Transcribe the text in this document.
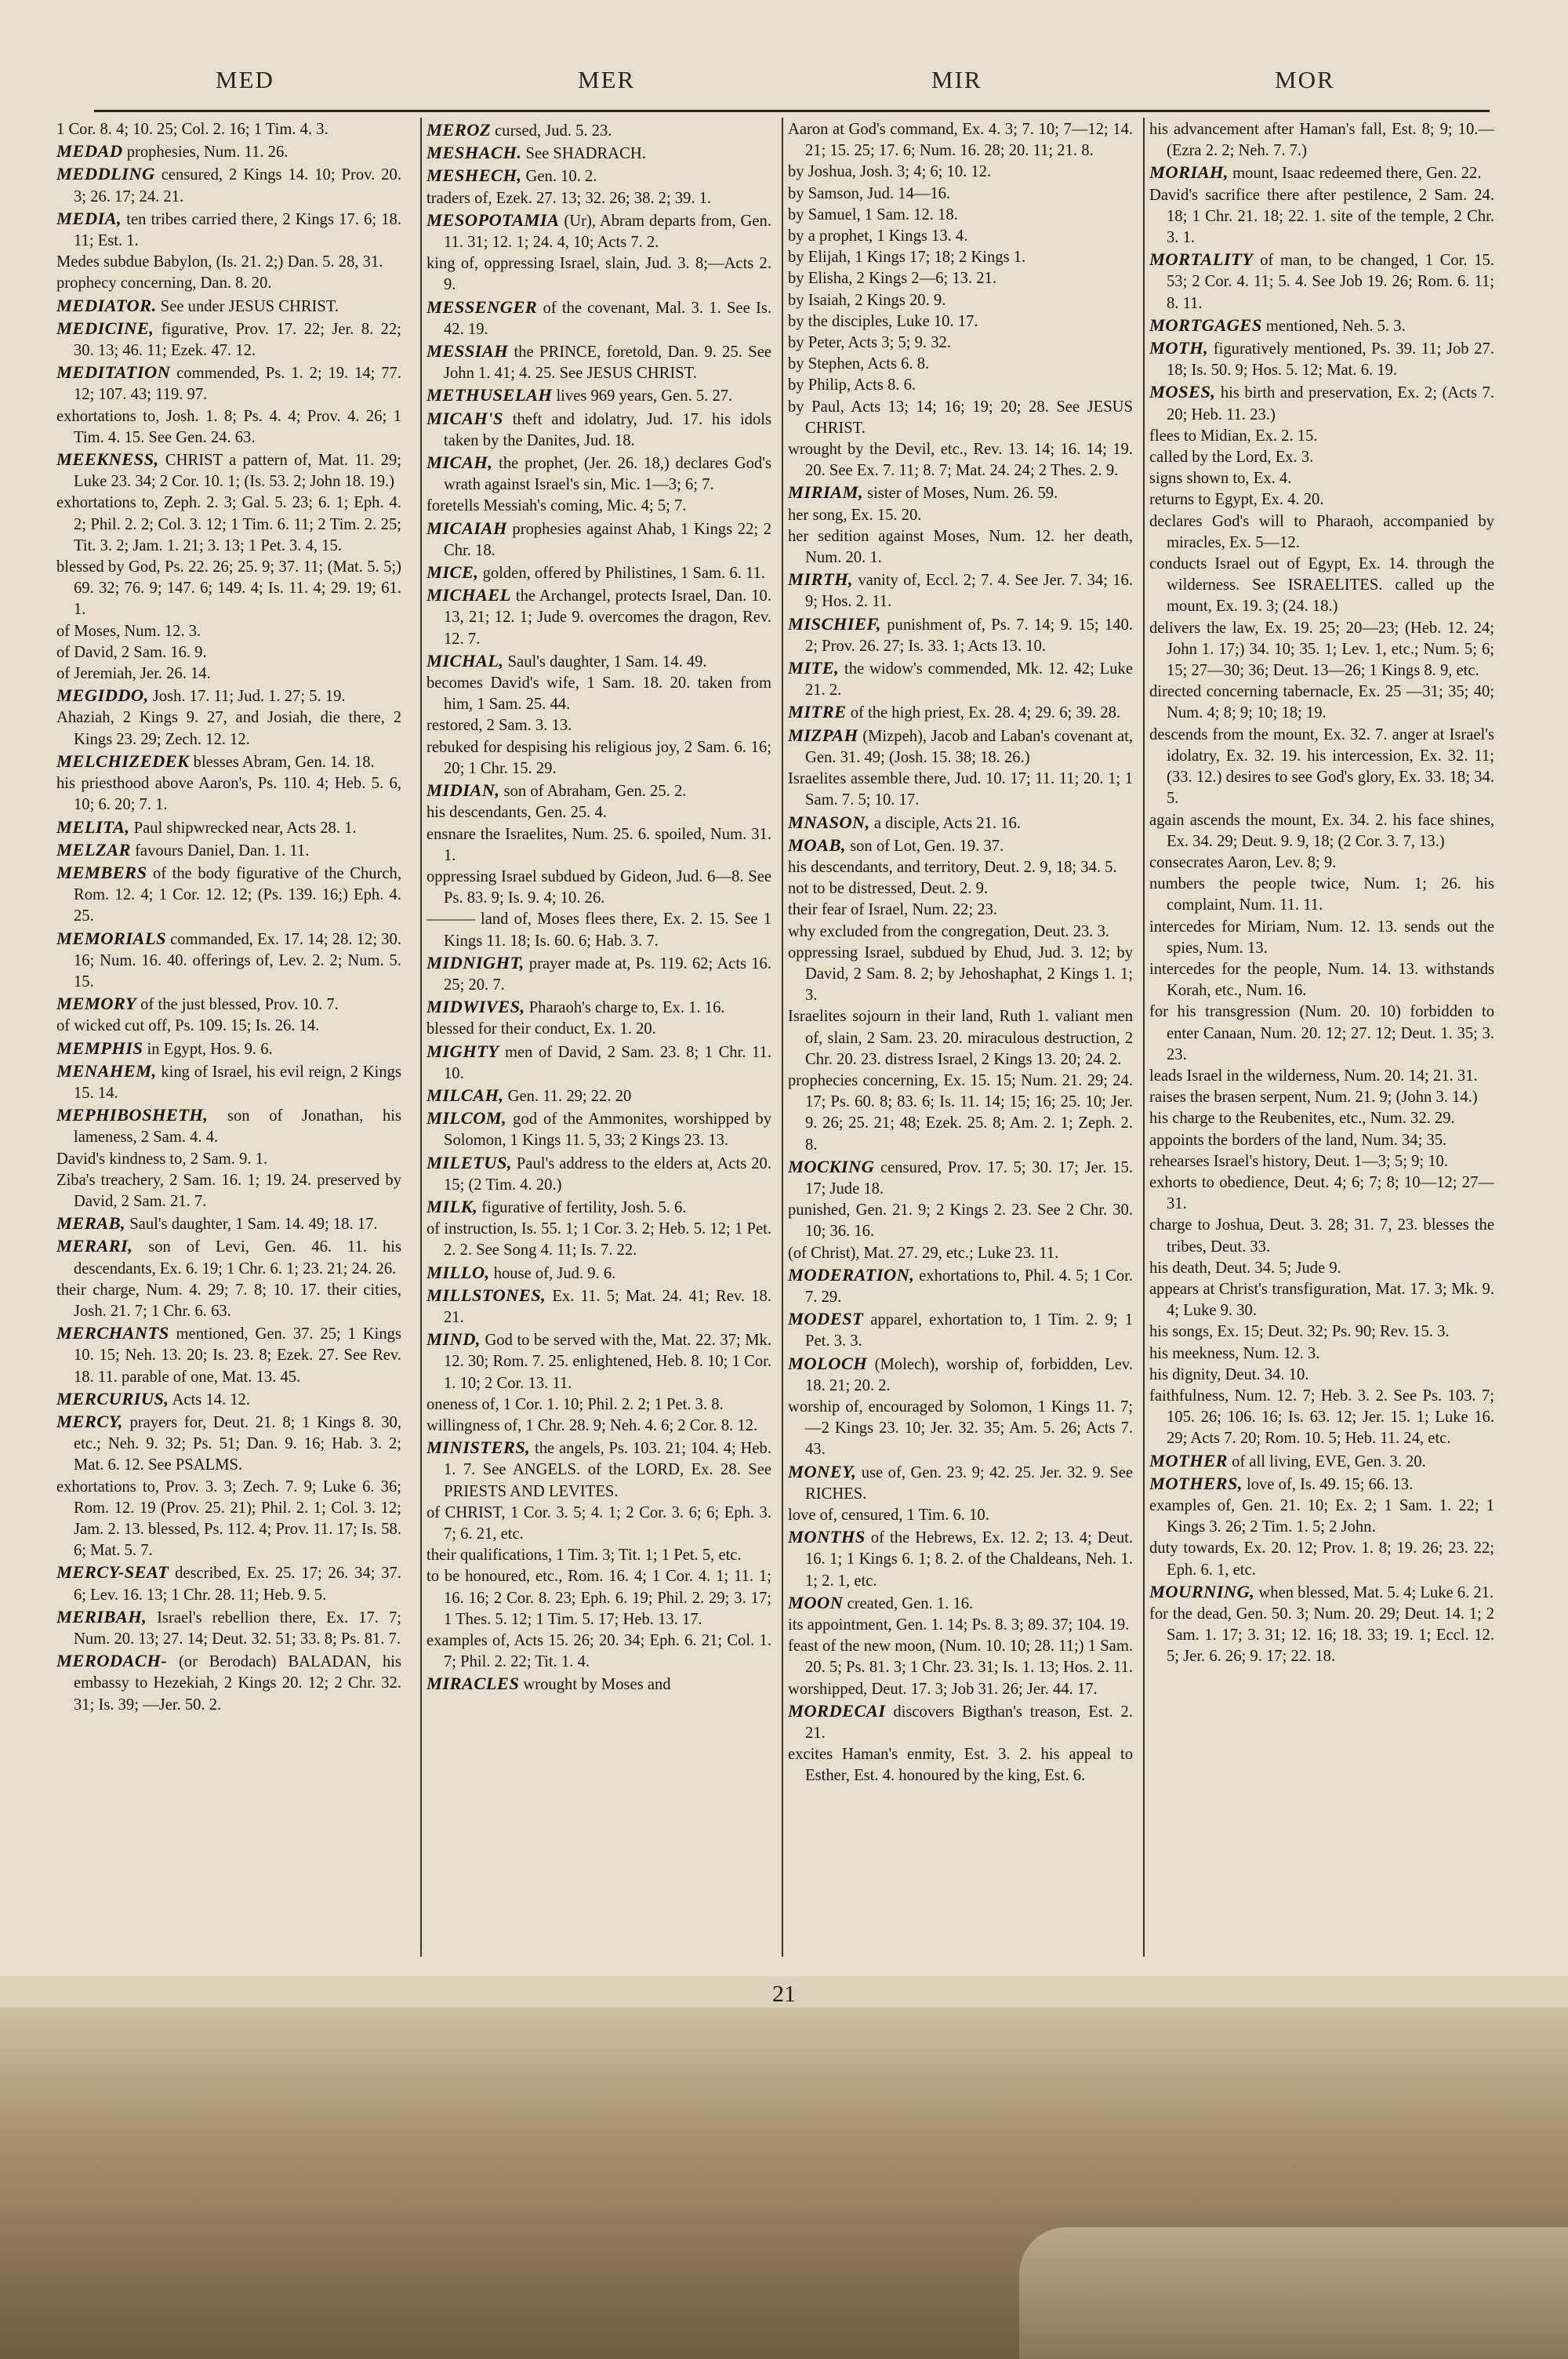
MED	MER	MIR	MOR

1 Cor. 8. 4; 10. 25; Col. 2. 16; 1 Tim. 4. 3.

MEDAD prophesies, Num. 11. 26.

MEDDLING censured, 2 Kings 14. 10; Prov. 20. 3; 26. 17; 24. 21.

MEDIA, ten tribes carried there, 2 Kings 17. 6; 18. 11; Est. 1.

Medes subdue Babylon, (Is. 21. 2;) Dan. 5. 28, 31.

prophecy concerning, Dan. 8. 20.

MEDIATOR. See under JESUS CHRIST.

MEDICINE, figurative, Prov. 17. 22; Jer. 8. 22; 30. 13; 46. 11; Ezek. 47. 12.

MEDITATION commended, Ps. 1. 2; 19. 14; 77. 12; 107. 43; 119. 97.

exhortations to, Josh. 1. 8; Ps. 4. 4; Prov. 4. 26; 1 Tim. 4. 15. See Gen. 24. 63.

MEEKNESS, CHRIST a pattern of, Mat. 11. 29; Luke 23. 34; 2 Cor. 10. 1; (Is. 53. 2; John 18. 19.)

exhortations to, Zeph. 2. 3; Gal. 5. 23; 6. 1; Eph. 4. 2; Phil. 2. 2; Col. 3. 12; 1 Tim. 6. 11; 2 Tim. 2. 25; Tit. 3. 2; Jam. 1. 21; 3. 13; 1 Pet. 3. 4, 15.

blessed by God, Ps. 22. 26; 25. 9; 37. 11; (Mat. 5. 5;) 69. 32; 76. 9; 147. 6; 149. 4; Is. 11. 4; 29. 19; 61. 1.

of Moses, Num. 12. 3.

of David, 2 Sam. 16. 9.

of Jeremiah, Jer. 26. 14.

MEGIDDO, Josh. 17. 11; Jud. 1. 27; 5. 19.

Ahaziah, 2 Kings 9. 27, and Josiah, die there, 2 Kings 23. 29; Zech. 12. 12.

MELCHIZEDEK blesses Abram, Gen. 14. 18.

his priesthood above Aaron's, Ps. 110. 4; Heb. 5. 6, 10; 6. 20; 7. 1.

MELITA, Paul shipwrecked near, Acts 28. 1.

MELZAR favours Daniel, Dan. 1. 11.

MEMBERS of the body figurative of the Church, Rom. 12. 4; 1 Cor. 12. 12; (Ps. 139. 16;) Eph. 4. 25.

MEMORIALS commanded, Ex. 17. 14; 28. 12; 30. 16; Num. 16. 40. offerings of, Lev. 2. 2; Num. 5. 15.

MEMORY of the just blessed, Prov. 10. 7.

of wicked cut off, Ps. 109. 15; Is. 26. 14.

MEMPHIS in Egypt, Hos. 9. 6.

MENAHEM, king of Israel, his evil reign, 2 Kings 15. 14.

MEPHIBOSHETH, son of Jonathan, his lameness, 2 Sam. 4. 4.

David's kindness to, 2 Sam. 9. 1.

Ziba's treachery, 2 Sam. 16. 1; 19. 24. preserved by David, 2 Sam. 21. 7.

MERAB, Saul's daughter, 1 Sam. 14. 49; 18. 17.

MERARI, son of Levi, Gen. 46. 11. his descendants, Ex. 6. 19; 1 Chr. 6. 1; 23. 21; 24. 26.

their charge, Num. 4. 29; 7. 8; 10. 17. their cities, Josh. 21. 7; 1 Chr. 6. 63.

MERCHANTS mentioned, Gen. 37. 25; 1 Kings 10. 15; Neh. 13. 20; Is. 23. 8; Ezek. 27. See Rev. 18. 11. parable of one, Mat. 13. 45.

MERCURIUS, Acts 14. 12.

MERCY, prayers for, Deut. 21. 8; 1 Kings 8. 30, etc.; Neh. 9. 32; Ps. 51; Dan. 9. 16; Hab. 3. 2; Mat. 6. 12. See PSALMS.

exhortations to, Prov. 3. 3; Zech. 7. 9; Luke 6. 36; Rom. 12. 19 (Prov. 25. 21); Phil. 2. 1; Col. 3. 12; Jam. 2. 13. blessed, Ps. 112. 4; Prov. 11. 17; Is. 58. 6; Mat. 5. 7.

MERCY-SEAT described, Ex. 25. 17; 26. 34; 37. 6; Lev. 16. 13; 1 Chr. 28. 11; Heb. 9. 5.

MERIBAH, Israel's rebellion there, Ex. 17. 7; Num. 20. 13; 27. 14; Deut. 32. 51; 33. 8; Ps. 81. 7.

MERODACH- (or Berodach) BALADAN, his embassy to Hezekiah, 2 Kings 20. 12; 2 Chr. 32. 31; Is. 39; —Jer. 50. 2.

MEROZ cursed, Jud. 5. 23.

MESHACH. See SHADRACH.

MESHECH, Gen. 10. 2.

traders of, Ezek. 27. 13; 32. 26; 38. 2; 39. 1.

MESOPOTAMIA (Ur), Abram departs from, Gen. 11. 31; 12. 1; 24. 4, 10; Acts 7. 2.

king of, oppressing Israel, slain, Jud. 3. 8;—Acts 2. 9.

MESSENGER of the covenant, Mal. 3. 1. See Is. 42. 19.

MESSIAH the PRINCE, foretold, Dan. 9. 25. See John 1. 41; 4. 25. See JESUS CHRIST.

METHUSELAH lives 969 years, Gen. 5. 27.

MICAH'S theft and idolatry, Jud. 17. his idols taken by the Danites, Jud. 18.

MICAH, the prophet, (Jer. 26. 18,) declares God's wrath against Israel's sin, Mic. 1—3; 6; 7.

foretells Messiah's coming, Mic. 4; 5; 7.

MICAIAH prophesies against Ahab, 1 Kings 22; 2 Chr. 18.

MICE, golden, offered by Philistines, 1 Sam. 6. 11.

MICHAEL the Archangel, protects Israel, Dan. 10. 13, 21; 12. 1; Jude 9. overcomes the dragon, Rev. 12. 7.

MICHAL, Saul's daughter, 1 Sam. 14. 49.

becomes David's wife, 1 Sam. 18. 20. taken from him, 1 Sam. 25. 44.

restored, 2 Sam. 3. 13.

rebuked for despising his religious joy, 2 Sam. 6. 16; 20; 1 Chr. 15. 29.

MIDIAN, son of Abraham, Gen. 25. 2.

his descendants, Gen. 25. 4.

ensnare the Israelites, Num. 25. 6. spoiled, Num. 31. 1.

oppressing Israel subdued by Gideon, Jud. 6—8. See Ps. 83. 9; Is. 9. 4; 10. 26.

——— land of, Moses flees there, Ex. 2. 15. See 1 Kings 11. 18; Is. 60. 6; Hab. 3. 7.

MIDNIGHT, prayer made at, Ps. 119. 62; Acts 16. 25; 20. 7.

MIDWIVES, Pharaoh's charge to, Ex. 1. 16.

blessed for their conduct, Ex. 1. 20.

MIGHTY men of David, 2 Sam. 23. 8; 1 Chr. 11. 10.

MILCAH, Gen. 11. 29; 22. 20

MILCOM, god of the Ammonites, worshipped by Solomon, 1 Kings 11. 5, 33; 2 Kings 23. 13.

MILETUS, Paul's address to the elders at, Acts 20. 15; (2 Tim. 4. 20.)

MILK, figurative of fertility, Josh. 5. 6.

of instruction, Is. 55. 1; 1 Cor. 3. 2; Heb. 5. 12; 1 Pet. 2. 2. See Song 4. 11; Is. 7. 22.

MILLO, house of, Jud. 9. 6.

MILLSTONES, Ex. 11. 5; Mat. 24. 41; Rev. 18. 21.

MIND, God to be served with the, Mat. 22. 37; Mk. 12. 30; Rom. 7. 25. enlightened, Heb. 8. 10; 1 Cor. 1. 10; 2 Cor. 13. 11.

oneness of, 1 Cor. 1. 10; Phil. 2. 2; 1 Pet. 3. 8.

willingness of, 1 Chr. 28. 9; Neh. 4. 6; 2 Cor. 8. 12.

MINISTERS, the angels, Ps. 103. 21; 104. 4; Heb. 1. 7. See ANGELS. of the LORD, Ex. 28. See PRIESTS AND LEVITES.

of CHRIST, 1 Cor. 3. 5; 4. 1; 2 Cor. 3. 6; 6; Eph. 3. 7; 6. 21, etc.

their qualifications, 1 Tim. 3; Tit. 1; 1 Pet. 5, etc.

to be honoured, etc., Rom. 16. 4; 1 Cor. 4. 1; 11. 1; 16. 16; 2 Cor. 8. 23; Eph. 6. 19; Phil. 2. 29; 3. 17; 1 Thes. 5. 12; 1 Tim. 5. 17; Heb. 13. 17.

examples of, Acts 15. 26; 20. 34; Eph. 6. 21; Col. 1. 7; Phil. 2. 22; Tit. 1. 4.

MIRACLES wrought by Moses and

Aaron at God's command, Ex. 4. 3; 7. 10; 7—12; 14. 21; 15. 25; 17. 6; Num. 16. 28; 20. 11; 21. 8.

by Joshua, Josh. 3; 4; 6; 10. 12.

by Samson, Jud. 14—16.

by Samuel, 1 Sam. 12. 18.

by a prophet, 1 Kings 13. 4.

by Elijah, 1 Kings 17; 18; 2 Kings 1.

by Elisha, 2 Kings 2—6; 13. 21.

by Isaiah, 2 Kings 20. 9.

by the disciples, Luke 10. 17.

by Peter, Acts 3; 5; 9. 32.

by Stephen, Acts 6. 8.

by Philip, Acts 8. 6.

by Paul, Acts 13; 14; 16; 19; 20; 28. See JESUS CHRIST.

wrought by the Devil, etc., Rev. 13. 14; 16. 14; 19. 20. See Ex. 7. 11; 8. 7; Mat. 24. 24; 2 Thes. 2. 9.

MIRIAM, sister of Moses, Num. 26. 59.

her song, Ex. 15. 20.

her sedition against Moses, Num. 12. her death, Num. 20. 1.

MIRTH, vanity of, Eccl. 2; 7. 4. See Jer. 7. 34; 16. 9; Hos. 2. 11.

MISCHIEF, punishment of, Ps. 7. 14; 9. 15; 140. 2; Prov. 26. 27; Is. 33. 1; Acts 13. 10.

MITE, the widow's commended, Mk. 12. 42; Luke 21. 2.

MITRE of the high priest, Ex. 28. 4; 29. 6; 39. 28.

MIZPAH (Mizpeh), Jacob and Laban's covenant at, Gen. 31. 49; (Josh. 15. 38; 18. 26.)

Israelites assemble there, Jud. 10. 17; 11. 11; 20. 1; 1 Sam. 7. 5; 10. 17.

MNASON, a disciple, Acts 21. 16.

MOAB, son of Lot, Gen. 19. 37.

his descendants, and territory, Deut. 2. 9, 18; 34. 5.

not to be distressed, Deut. 2. 9.

their fear of Israel, Num. 22; 23.

why excluded from the congregation, Deut. 23. 3.

oppressing Israel, subdued by Ehud, Jud. 3. 12; by David, 2 Sam. 8. 2; by Jehoshaphat, 2 Kings 1. 1; 3.

Israelites sojourn in their land, Ruth 1. valiant men of, slain, 2 Sam. 23. 20. miraculous destruction, 2 Chr. 20. 23. distress Israel, 2 Kings 13. 20; 24. 2.

prophecies concerning, Ex. 15. 15; Num. 21. 29; 24. 17; Ps. 60. 8; 83. 6; Is. 11. 14; 15; 16; 25. 10; Jer. 9. 26; 25. 21; 48; Ezek. 25. 8; Am. 2. 1; Zeph. 2. 8.

MOCKING censured, Prov. 17. 5; 30. 17; Jer. 15. 17; Jude 18.

punished, Gen. 21. 9; 2 Kings 2. 23. See 2 Chr. 30. 10; 36. 16.

(of Christ), Mat. 27. 29, etc.; Luke 23. 11.

MODERATION, exhortations to, Phil. 4. 5; 1 Cor. 7. 29.

MODEST apparel, exhortation to, 1 Tim. 2. 9; 1 Pet. 3. 3.

MOLOCH (Molech), worship of, forbidden, Lev. 18. 21; 20. 2.

worship of, encouraged by Solomon, 1 Kings 11. 7;—2 Kings 23. 10; Jer. 32. 35; Am. 5. 26; Acts 7. 43.

MONEY, use of, Gen. 23. 9; 42. 25. Jer. 32. 9. See RICHES.

love of, censured, 1 Tim. 6. 10.

MONTHS of the Hebrews, Ex. 12. 2; 13. 4; Deut. 16. 1; 1 Kings 6. 1; 8. 2. of the Chaldeans, Neh. 1. 1; 2. 1, etc.

MOON created, Gen. 1. 16.

its appointment, Gen. 1. 14; Ps. 8. 3; 89. 37; 104. 19.

feast of the new moon, (Num. 10. 10; 28. 11;) 1 Sam. 20. 5; Ps. 81. 3; 1 Chr. 23. 31; Is. 1. 13; Hos. 2. 11.

worshipped, Deut. 17. 3; Job 31. 26; Jer. 44. 17.

MORDECAI discovers Bigthan's treason, Est. 2. 21.

excites Haman's enmity, Est. 3. 2. his appeal to Esther, Est. 4. honoured by the king, Est. 6.

his advancement after Haman's fall, Est. 8; 9; 10.—(Ezra 2. 2; Neh. 7. 7.)

MORIAH, mount, Isaac redeemed there, Gen. 22.

David's sacrifice there after pestilence, 2 Sam. 24. 18; 1 Chr. 21. 18; 22. 1. site of the temple, 2 Chr. 3. 1.

MORTALITY of man, to be changed, 1 Cor. 15. 53; 2 Cor. 4. 11; 5. 4. See Job 19. 26; Rom. 6. 11; 8. 11.

MORTGAGES mentioned, Neh. 5. 3.

MOTH, figuratively mentioned, Ps. 39. 11; Job 27. 18; Is. 50. 9; Hos. 5. 12; Mat. 6. 19.

MOSES, his birth and preservation, Ex. 2; (Acts 7. 20; Heb. 11. 23.)

flees to Midian, Ex. 2. 15.

called by the Lord, Ex. 3.

signs shown to, Ex. 4.

returns to Egypt, Ex. 4. 20.

declares God's will to Pharaoh, accompanied by miracles, Ex. 5—12.

conducts Israel out of Egypt, Ex. 14. through the wilderness. See ISRAELITES. called up the mount, Ex. 19. 3; (24. 18.)

delivers the law, Ex. 19. 25; 20—23; (Heb. 12. 24; John 1. 17;) 34. 10; 35. 1; Lev. 1, etc.; Num. 5; 6; 15; 27—30; 36; Deut. 13—26; 1 Kings 8. 9, etc.

directed concerning tabernacle, Ex. 25 —31; 35; 40; Num. 4; 8; 9; 10; 18; 19.

descends from the mount, Ex. 32. 7. anger at Israel's idolatry, Ex. 32. 19. his intercession, Ex. 32. 11; (33. 12.) desires to see God's glory, Ex. 33. 18; 34. 5.

again ascends the mount, Ex. 34. 2. his face shines, Ex. 34. 29; Deut. 9. 9, 18; (2 Cor. 3. 7, 13.)

consecrates Aaron, Lev. 8; 9.

numbers the people twice, Num. 1; 26. his complaint, Num. 11. 11.

intercedes for Miriam, Num. 12. 13. sends out the spies, Num. 13.

intercedes for the people, Num. 14. 13. withstands Korah, etc., Num. 16.

for his transgression (Num. 20. 10) forbidden to enter Canaan, Num. 20. 12; 27. 12; Deut. 1. 35; 3. 23.

leads Israel in the wilderness, Num. 20. 14; 21. 31.

raises the brasen serpent, Num. 21. 9; (John 3. 14.)

his charge to the Reubenites, etc., Num. 32. 29.

appoints the borders of the land, Num. 34; 35.

rehearses Israel's history, Deut. 1—3; 5; 9; 10.

exhorts to obedience, Deut. 4; 6; 7; 8; 10—12; 27—31.

charge to Joshua, Deut. 3. 28; 31. 7, 23. blesses the tribes, Deut. 33.

his death, Deut. 34. 5; Jude 9.

appears at Christ's transfiguration, Mat. 17. 3; Mk. 9. 4; Luke 9. 30.

his songs, Ex. 15; Deut. 32; Ps. 90; Rev. 15. 3.

his meekness, Num. 12. 3.

his dignity, Deut. 34. 10.

faithfulness, Num. 12. 7; Heb. 3. 2. See Ps. 103. 7; 105. 26; 106. 16; Is. 63. 12; Jer. 15. 1; Luke 16. 29; Acts 7. 20; Rom. 10. 5; Heb. 11. 24, etc.

MOTHER of all living, EVE, Gen. 3. 20.

MOTHERS, love of, Is. 49. 15; 66. 13.

examples of, Gen. 21. 10; Ex. 2; 1 Sam. 1. 22; 1 Kings 3. 26; 2 Tim. 1. 5; 2 John.

duty towards, Ex. 20. 12; Prov. 1. 8; 19. 26; 23. 22; Eph. 6. 1, etc.

MOURNING, when blessed, Mat. 5. 4; Luke 6. 21.

for the dead, Gen. 50. 3; Num. 20. 29; Deut. 14. 1; 2 Sam. 1. 17; 3. 31; 12. 16; 18. 33; 19. 1; Eccl. 12. 5; Jer. 6. 26; 9. 17; 22. 18.

21
